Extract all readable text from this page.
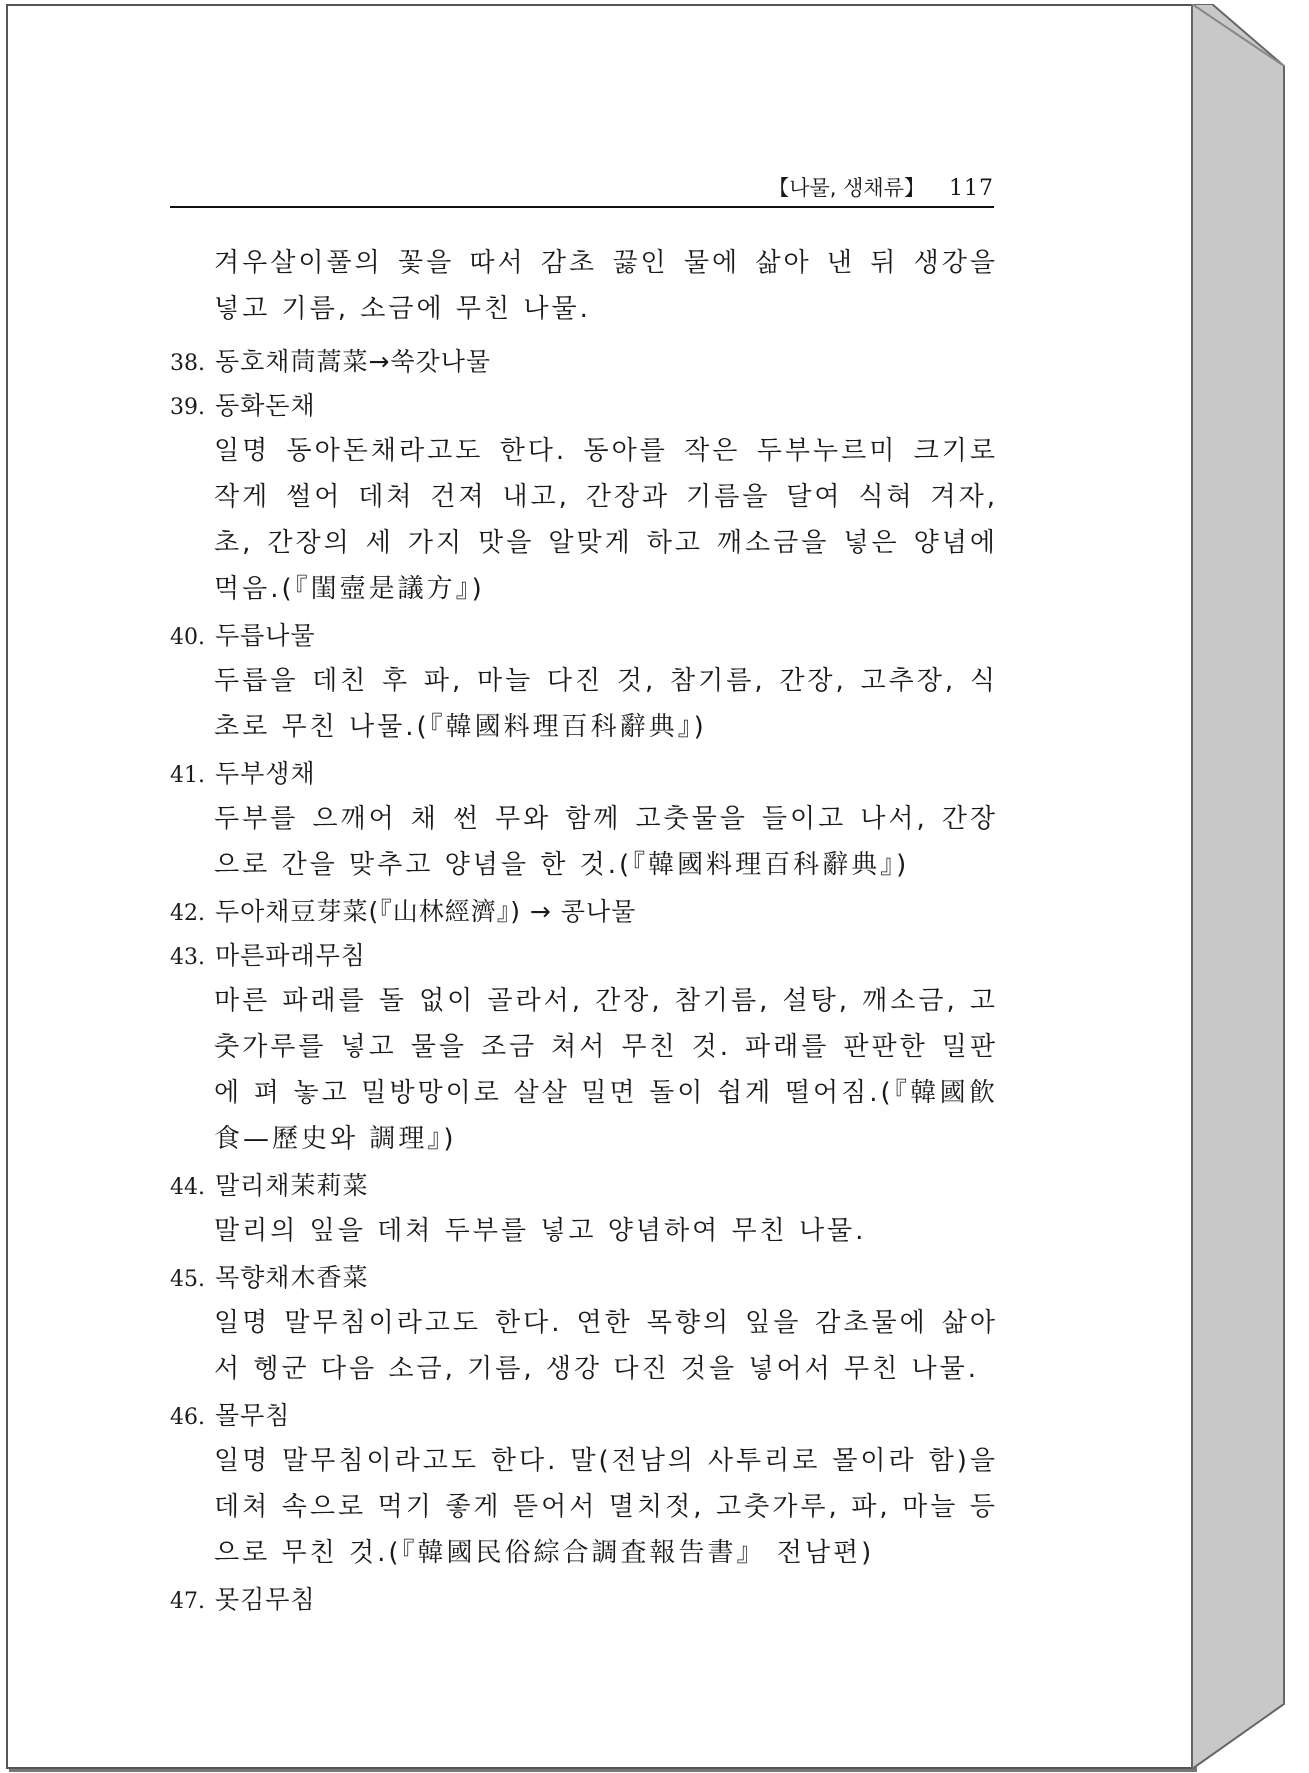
【나물, 생채류】 117
겨우살이풀의 꽃을 따서 감초 끓인 물에 삶아 낸 뒤 생강을 넣고 기름, 소금에 무친 나물.
38. 동호채茼蒿菜→쑥갓나물
39. 동화돈채
일명 동아돈채라고도 한다. 동아를 작은 두부누르미 크기로 작게 썰어 데쳐 건져 내고, 간장과 기름을 달여 식혀 겨자, 초, 간장의 세 가지 맛을 알맞게 하고 깨소금을 넣은 양념에 먹음.(『閨壼是議方』)
40. 두릅나물
두릅을 데친 후 파, 마늘 다진 것, 참기름, 간장, 고추장, 식초로 무친 나물.(『韓國料理百科辭典』)
41. 두부생채
두부를 으깨어 채 썬 무와 함께 고춧물을 들이고 나서, 간장으로 간을 맞추고 양념을 한 것.(『韓國料理百科辭典』)
42. 두아채豆芽菜(『山林經濟』) → 콩나물
43. 마른파래무침
마른 파래를 돌 없이 골라서, 간장, 참기름, 설탕, 깨소금, 고춧가루를 넣고 물을 조금 쳐서 무친 것. 파래를 판판한 밀판에 펴 놓고 밀방망이로 살살 밀면 돌이 쉽게 떨어짐.(『韓國飮食—歷史와 調理』)
44. 말리채茉莉菜
말리의 잎을 데쳐 두부를 넣고 양념하여 무친 나물.
45. 목향채木香菜
일명 말무침이라고도 한다. 연한 목향의 잎을 감초물에 삶아서 헹군 다음 소금, 기름, 생강 다진 것을 넣어서 무친 나물.
46. 몰무침
일명 말무침이라고도 한다. 말(전남의 사투리로 몰이라 함)을 데쳐 속으로 먹기 좋게 뜯어서 멸치젓, 고춧가루, 파, 마늘 등으로 무친 것.(『韓國民俗綜合調査報告書』 전남편)
47. 못김무침
